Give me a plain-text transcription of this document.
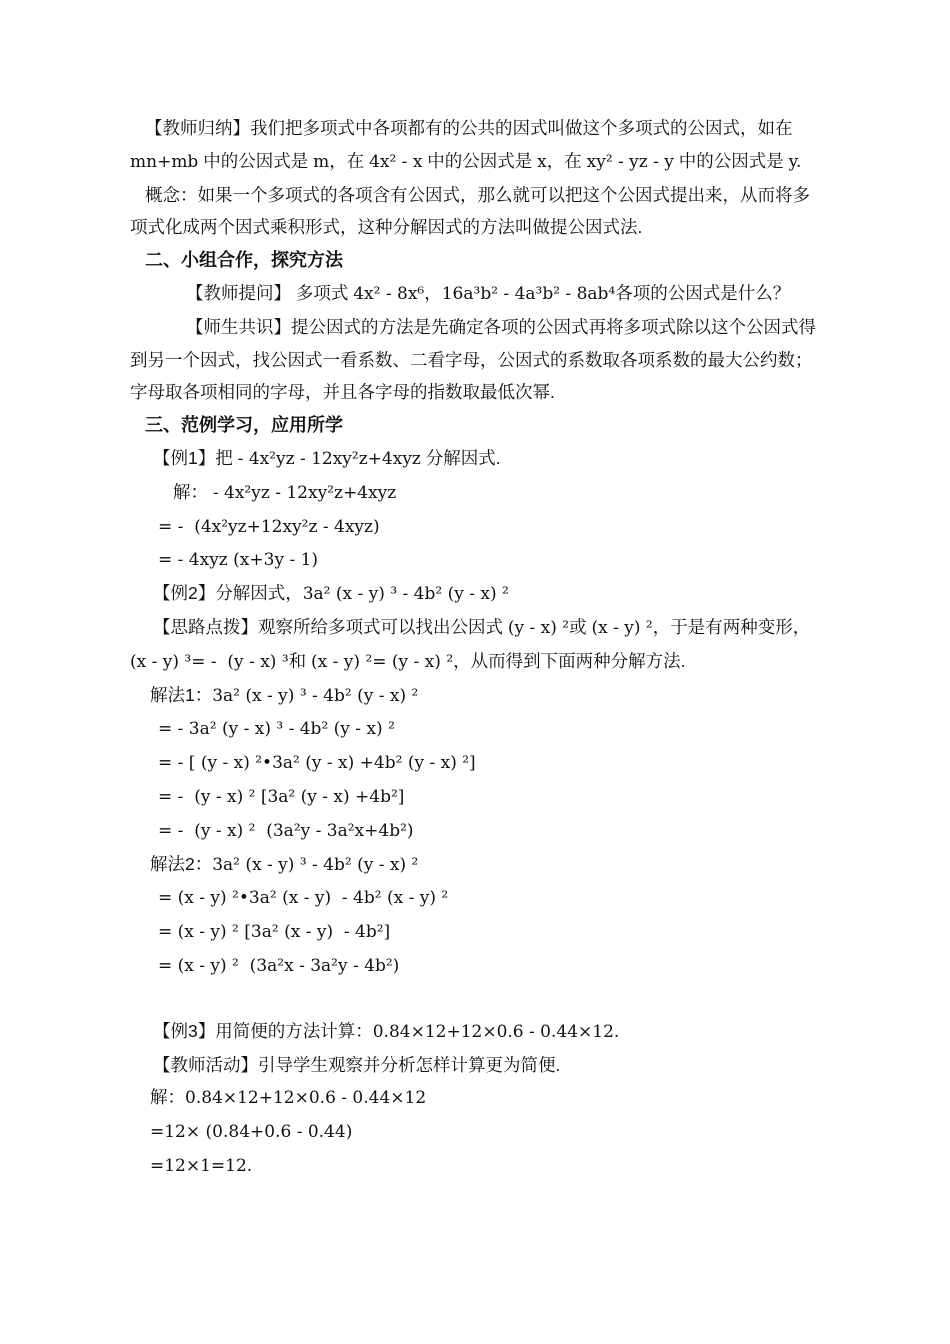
【教师归纳】我们把多项式中各项都有的公共的因式叫做这个多项式的公因式，如在
mn+mb 中的公因式是 m，在 4x² - x 中的公因式是 x，在 xy² - yz - y 中的公因式是 y.
概念：如果一个多项式的各项含有公因式，那么就可以把这个公因式提出来，从而将多
项式化成两个因式乘积形式，这种分解因式的方法叫做提公因式法.
二、小组合作，探究方法
【教师提问】 多项式 4x² - 8x⁶，16a³b² - 4a³b² - 8ab⁴各项的公因式是什么？
【师生共识】提公因式的方法是先确定各项的公因式再将多项式除以这个公因式得
到另一个因式，找公因式一看系数、二看字母，公因式的系数取各项系数的最大公约数；
字母取各项相同的字母，并且各字母的指数取最低次幂.
三、范例学习，应用所学
【例1】把 - 4x²yz - 12xy²z+4xyz 分解因式.
解： - 4x²yz - 12xy²z+4xyz
= -  (4x²yz+12xy²z - 4xyz)
= - 4xyz (x+3y - 1)
【例2】分解因式，3a² (x - y) ³ - 4b² (y - x) ²
【思路点拨】观察所给多项式可以找出公因式 (y - x) ²或 (x - y) ²，于是有两种变形，
(x - y) ³= -  (y - x) ³和 (x - y) ²= (y - x) ²，从而得到下面两种分解方法.
解法1：3a² (x - y) ³ - 4b² (y - x) ²
= - 3a² (y - x) ³ - 4b² (y - x) ²
= - [ (y - x) ²•3a² (y - x) +4b² (y - x) ²]
= -  (y - x) ² [3a² (y - x) +4b²]
= -  (y - x) ²  (3a²y - 3a²x+4b²)
解法2：3a² (x - y) ³ - 4b² (y - x) ²
= (x - y) ²•3a² (x - y)  - 4b² (x - y) ²
= (x - y) ² [3a² (x - y)  - 4b²]
= (x - y) ²  (3a²x - 3a²y - 4b²)
【例3】用简便的方法计算：0.84×12+12×0.6 - 0.44×12.
【教师活动】引导学生观察并分析怎样计算更为简便.
解：0.84×12+12×0.6 - 0.44×12
=12× (0.84+0.6 - 0.44)
=12×1=12.
